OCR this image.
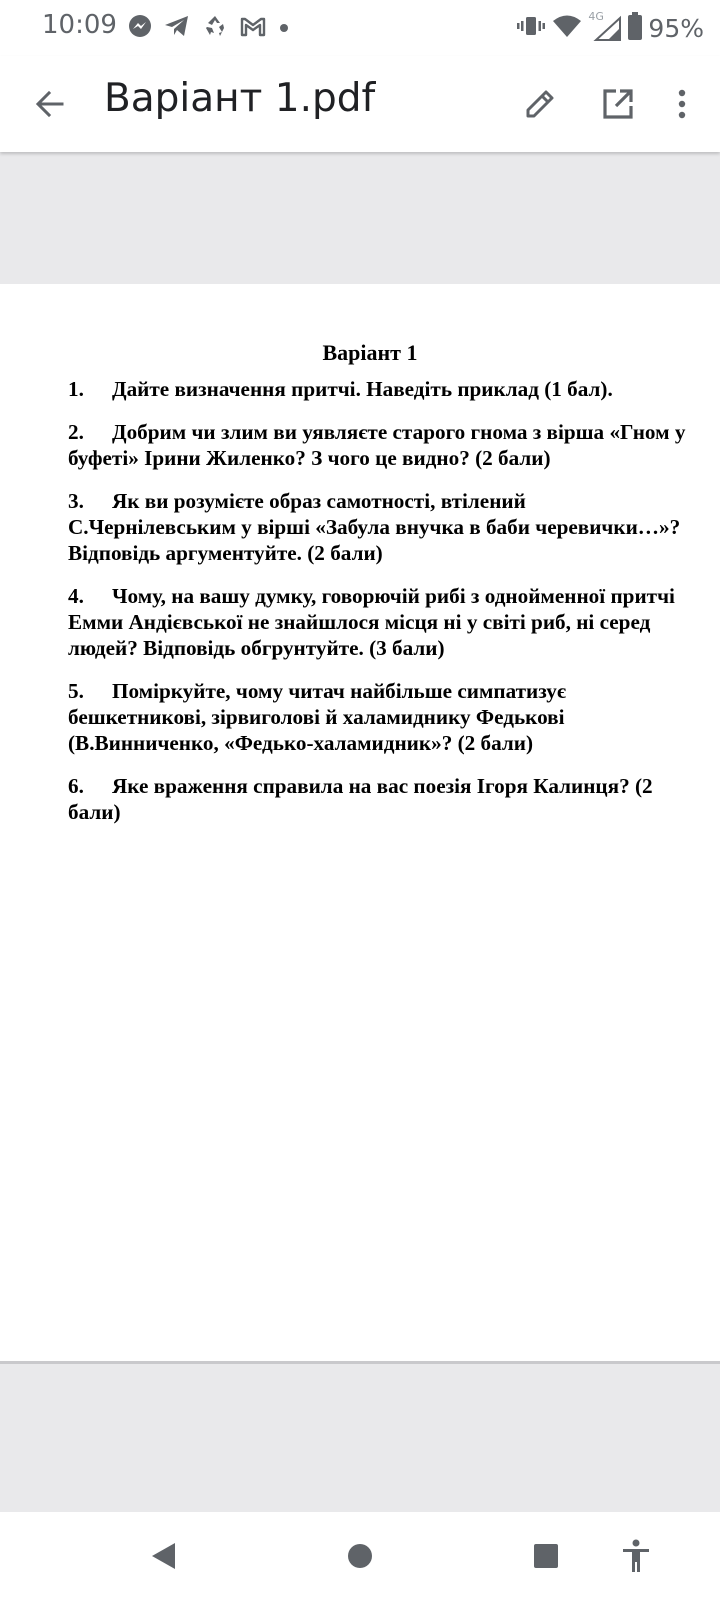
10:09	4G 95%
Варіант 1.pdf
Варіант 1

1. Дайте визначення притчі. Наведіть приклад (1 бал).

2. Добрим чи злим ви уявляєте старого гнома з вірша «Гном у буфеті» Ірини Жиленко? З чого це видно? (2 бали)

3. Як ви розумієте образ самотності, втілений С.Чернілевським у вірші «Забула внучка в баби черевички…»? Відповідь аргументуйте. (2 бали)

4. Чому, на вашу думку, говорючій рибі з однойменної притчі Емми Андієвської не знайшлося місця ні у світі риб, ні серед людей? Відповідь обгрунтуйте. (3 бали)

5. Поміркуйте, чому читач найбільше симпатизує бешкетникові, зірвиголові й халамиднику Федькові (В.Винниченко, «Федько-халамидник»? (2 бали)

6. Яке враження справила на вас поезія Ігоря Калинця? (2 бали)
